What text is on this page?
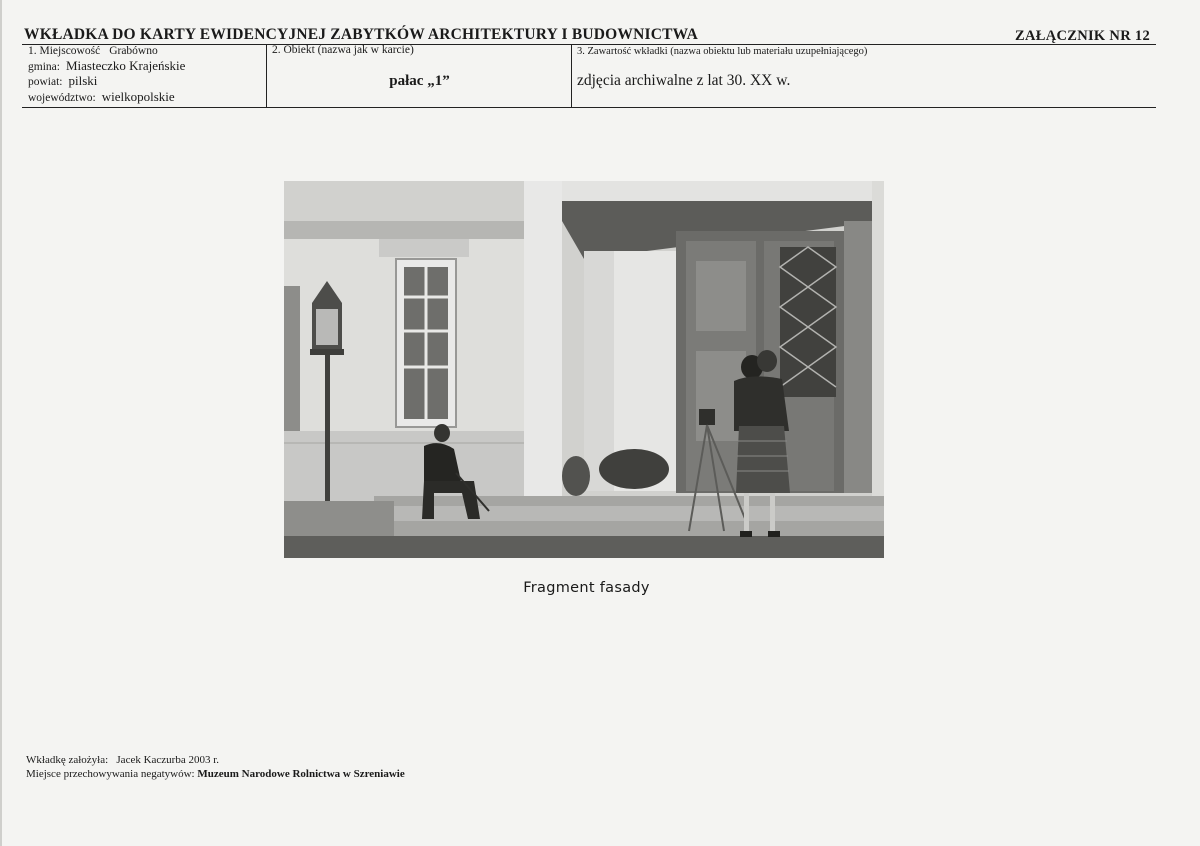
WKŁADKA DO KARTY EWIDENCYJNEJ ZABYTKÓW ARCHITEKTURY I BUDOWNICTWA	ZAŁĄCZNIK NR 12
1. Miejscowość Grabówno
gmina: Miasteczko Krajeńskie
powiat: pilski
województwo: wielkopolskie
2. Obiekt (nazwa jak w karcie)
pałac „1”
3. Zawartość wkładki (nazwa obiektu lub materiału uzupełniającego)
zdjęcia archiwalne z lat 30. XX w.
Fragment fasady
Wkładkę założyła: Jacek Kaczurba 2003 r.
Miejsce przechowywania negatywów: Muzeum Narodowe Rolnictwa w Szreniawie
